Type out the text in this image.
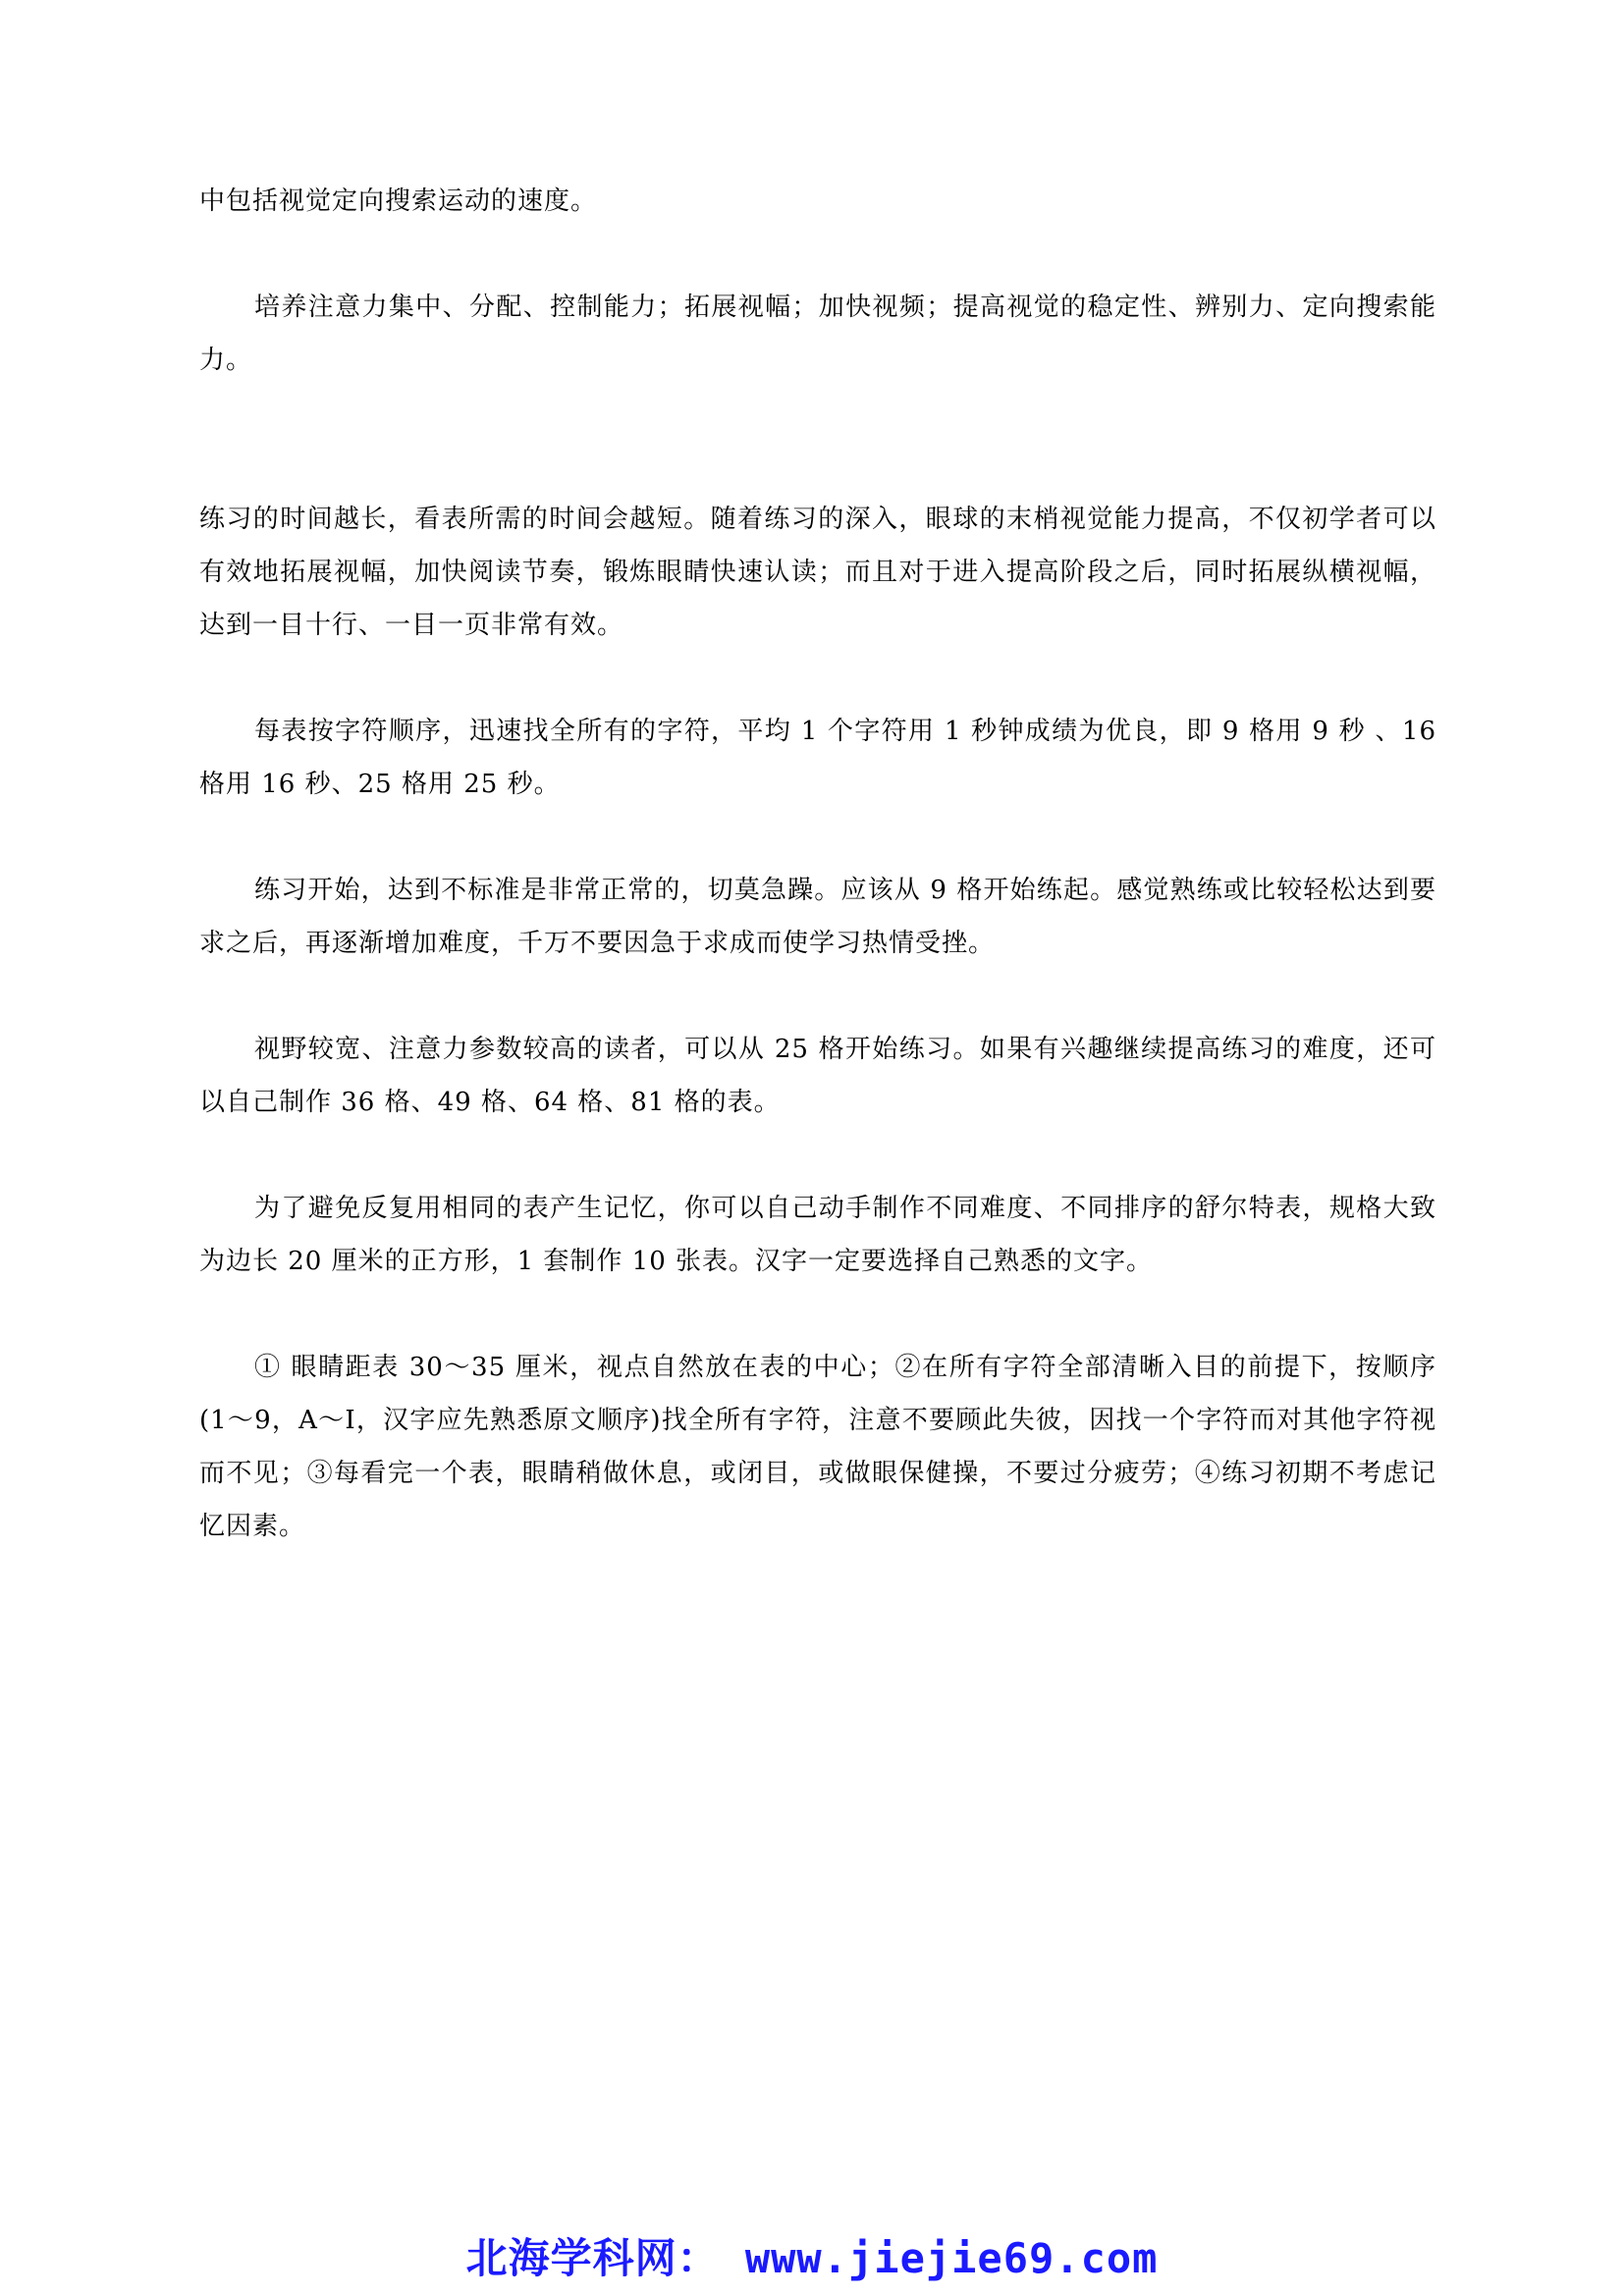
中包括视觉定向搜索运动的速度。

培养注意力集中、分配、控制能力；拓展视幅；加快视频；提高视觉的稳定性、辨别力、定向搜索能力。

练习的时间越长，看表所需的时间会越短。随着练习的深入，眼球的末梢视觉能力提高，不仅初学者可以有效地拓展视幅，加快阅读节奏，锻炼眼睛快速认读；而且对于进入提高阶段之后，同时拓展纵横视幅，达到一目十行、一目一页非常有效。

每表按字符顺序，迅速找全所有的字符，平均 1 个字符用 1 秒钟成绩为优良，即 9 格用 9 秒 、16 格用 16 秒、25 格用 25 秒。

练习开始，达到不标准是非常正常的，切莫急躁。应该从 9 格开始练起。感觉熟练或比较轻松达到要求之后，再逐渐增加难度，千万不要因急于求成而使学习热情受挫。

视野较宽、注意力参数较高的读者，可以从 25 格开始练习。如果有兴趣继续提高练习的难度，还可以自己制作 36 格、49 格、64 格、81 格的表。

为了避免反复用相同的表产生记忆，你可以自己动手制作不同难度、不同排序的舒尔特表，规格大致为边长 20 厘米的正方形，1 套制作 10 张表。汉字一定要选择自己熟悉的文字。

① 眼睛距表 30～35 厘米，视点自然放在表的中心；②在所有字符全部清晰入目的前提下，按顺序(1～9，A～I，汉字应先熟悉原文顺序)找全所有字符，注意不要顾此失彼，因找一个字符而对其他字符视而不见；③每看完一个表，眼睛稍做休息，或闭目，或做眼保健操，不要过分疲劳；④练习初期不考虑记忆因素。

北海学科网： www.jiejie69.com
